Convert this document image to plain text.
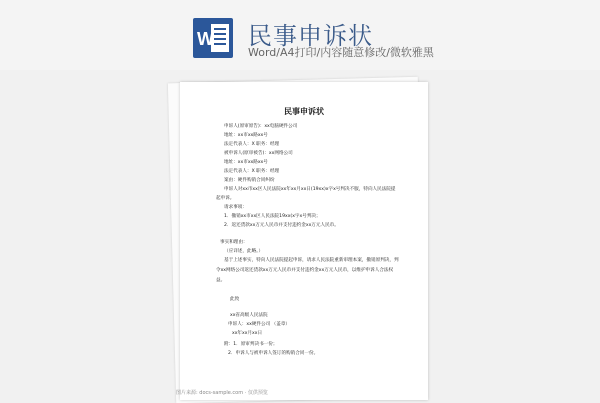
W 民事申诉状
Word/A4打印/内容随意修改/微软雅黑
民事申诉状
申诉人(原审原告)：xx电脑硬件公司
地址：xx市xx路xx号
法定代表人：X 职务：经理
被申诉人(原审被告)：xx网络公司
地址：xx市xx路xx号
法定代表人：X 职务：经理
案由：硬件购销合同纠纷
申诉人对xx市xx区人民法院xx年xx月xx日(19xx)x字x号判决不服，特向人民法院提
起申诉。
请求事项：
1．撤销xx市xx区人民法院19xx(x字x号判决；
2．返还货款xx万元人民币并支付违约金xx万元人民币。
事实和理由：
（应详述，此略。）
基于上述事实，特向人民法院提起申诉，请求人民法院重新审理本案，撤销原判决，判
令xx网络公司返还货款xx万元人民币并支付违约金xx万元人民币，以维护申诉人合法权
益。
此致
xx省高级人民法院
申诉人：xx硬件公司 （盖章）
xx年xx月xx日
附：1．原审判决书一份；
2．申诉人与被申诉人签订的购销合同一份。
图片来源: docs-sample.com · 仅供预览
